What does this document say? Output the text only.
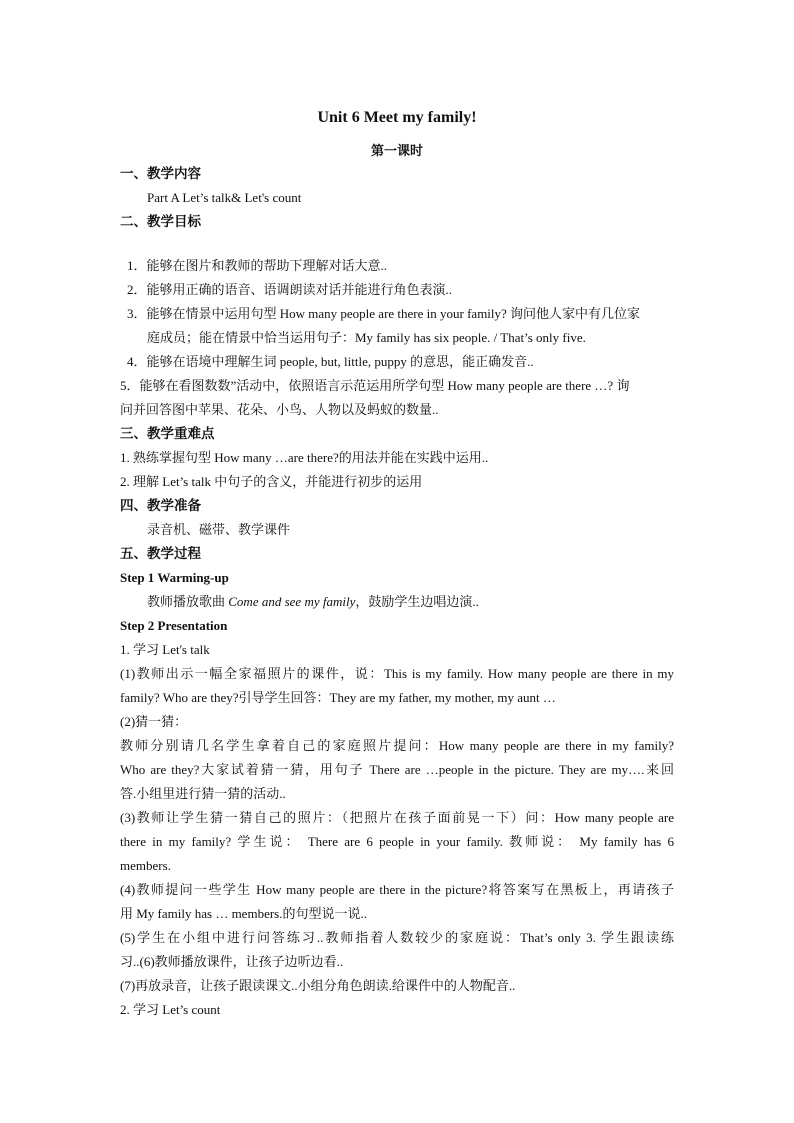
Unit 6 Meet my family!
第一课时
一、教学内容
Part A Let’s talk& Let's count
二、教学目标
1．能够在图片和教师的帮助下理解对话大意..
2．能够用正确的语音、语调朗读对话并能进行角色表演..
3．能够在情景中运用句型 How many people are there in your family? 询问他人家中有几位家
庭成员；能在情景中恰当运用句子：My family has six people. / That’s only five.
4．能够在语境中理解生词 people, but, little, puppy 的意思，能正确发音..
5．能够在看图数数”活动中，依照语言示范运用所学句型 How many people are there …? 询
问并回答图中苹果、花朵、小鸟、人物以及蚂蚁的数量..
三、教学重难点
1. 熟练掌握句型 How many …are there?的用法并能在实践中运用..
2. 理解 Let’s talk 中句子的含义，并能进行初步的运用
四、教学准备
录音机、磁带、教学课件
五、教学过程
Step 1 Warming-up
教师播放歌曲 Come and see my family，鼓励学生边唱边演..
Step 2 Presentation
1. 学习 Let's talk
(1)教师出示一幅全家福照片的课件，说：This is my family. How many people are there in my
family? Who are they?引导学生回答：They are my father, my mother, my aunt …
(2)猜一猜：
教师分别请几名学生拿着自己的家庭照片提问：How many people are there in my family?
Who are they?大家试着猜一猜，用句子 There are …people in the picture. They are my….来回
答.小组里进行猜一猜的活动..
(3)教师让学生猜一猜自己的照片：（把照片在孩子面前晃一下）问：How many people are
there in my family? 学生说： There are 6 people in your family. 教师说： My family has 6
members.
(4)教师提问一些学生 How many people are there in the picture?将答案写在黑板上，再请孩子
用 My family has … members.的句型说一说..
(5)学生在小组中进行问答练习..教师指着人数较少的家庭说：That’s only 3. 学生跟读练
习..(6)教师播放课件，让孩子边听边看..
(7)再放录音，让孩子跟读课文..小组分角色朗读.给课件中的人物配音..
2. 学习 Let’s count
